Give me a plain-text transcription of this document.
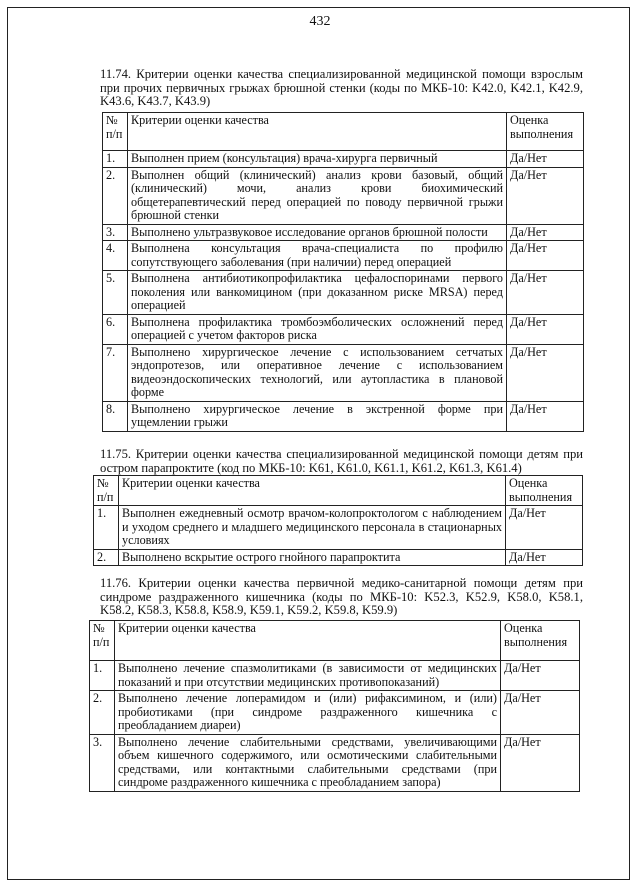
432
11.74. Критерии оценки качества специализированной медицинской помощи взрослым при прочих первичных грыжах брюшной стенки (коды по МКБ-10: K42.0, K42.1, K42.9, K43.6, K43.7, K43.9)
№ п/п	Критерии оценки качества	Оценка выполнения
1.	Выполнен прием (консультация) врача-хирурга первичный	Да/Нет
2.	Выполнен общий (клинический) анализ крови базовый, общий (клинический) мочи, анализ крови биохимический общетерапевтический перед операцией по поводу первичной грыжи брюшной стенки	Да/Нет
3.	Выполнено ультразвуковое исследование органов брюшной полости	Да/Нет
4.	Выполнена консультация врача-специалиста по профилю сопутствующего заболевания (при наличии) перед операцией	Да/Нет
5.	Выполнена антибиотикопрофилактика цефалоспоринами первого поколения или ванкомицином (при доказанном риске MRSA) перед операцией	Да/Нет
6.	Выполнена профилактика тромбоэмболических осложнений перед операцией с учетом факторов риска	Да/Нет
7.	Выполнено хирургическое лечение с использованием сетчатых эндопротезов, или оперативное лечение с использованием видеоэндоскопических технологий, или аутопластика в плановой форме	Да/Нет
8.	Выполнено хирургическое лечение в экстренной форме при ущемлении грыжи	Да/Нет
11.75. Критерии оценки качества специализированной медицинской помощи детям при остром парапроктите (код по МКБ-10: K61, K61.0, K61.1, K61.2, K61.3, K61.4)
№ п/п	Критерии оценки качества	Оценка выполнения
1.	Выполнен ежедневный осмотр врачом-колопроктологом с наблюдением и уходом среднего и младшего медицинского персонала в стационарных условиях	Да/Нет
2.	Выполнено вскрытие острого гнойного парапроктита	Да/Нет
11.76. Критерии оценки качества первичной медико-санитарной помощи детям при синдроме раздраженного кишечника (коды по МКБ-10: K52.3, K52.9, K58.0, K58.1, K58.2, K58.3, K58.8, K58.9, K59.1, K59.2, K59.8, K59.9)
№ п/п	Критерии оценки качества	Оценка выполнения
1.	Выполнено лечение спазмолитиками (в зависимости от медицинских показаний и при отсутствии медицинских противопоказаний)	Да/Нет
2.	Выполнено лечение лоперамидом и (или) рифаксимином, и (или) пробиотиками (при синдроме раздраженного кишечника с преобладанием диареи)	Да/Нет
3.	Выполнено лечение слабительными средствами, увеличивающими объем кишечного содержимого, или осмотическими слабительными средствами, или контактными слабительными средствами (при синдроме раздраженного кишечника с преобладанием запора)	Да/Нет
